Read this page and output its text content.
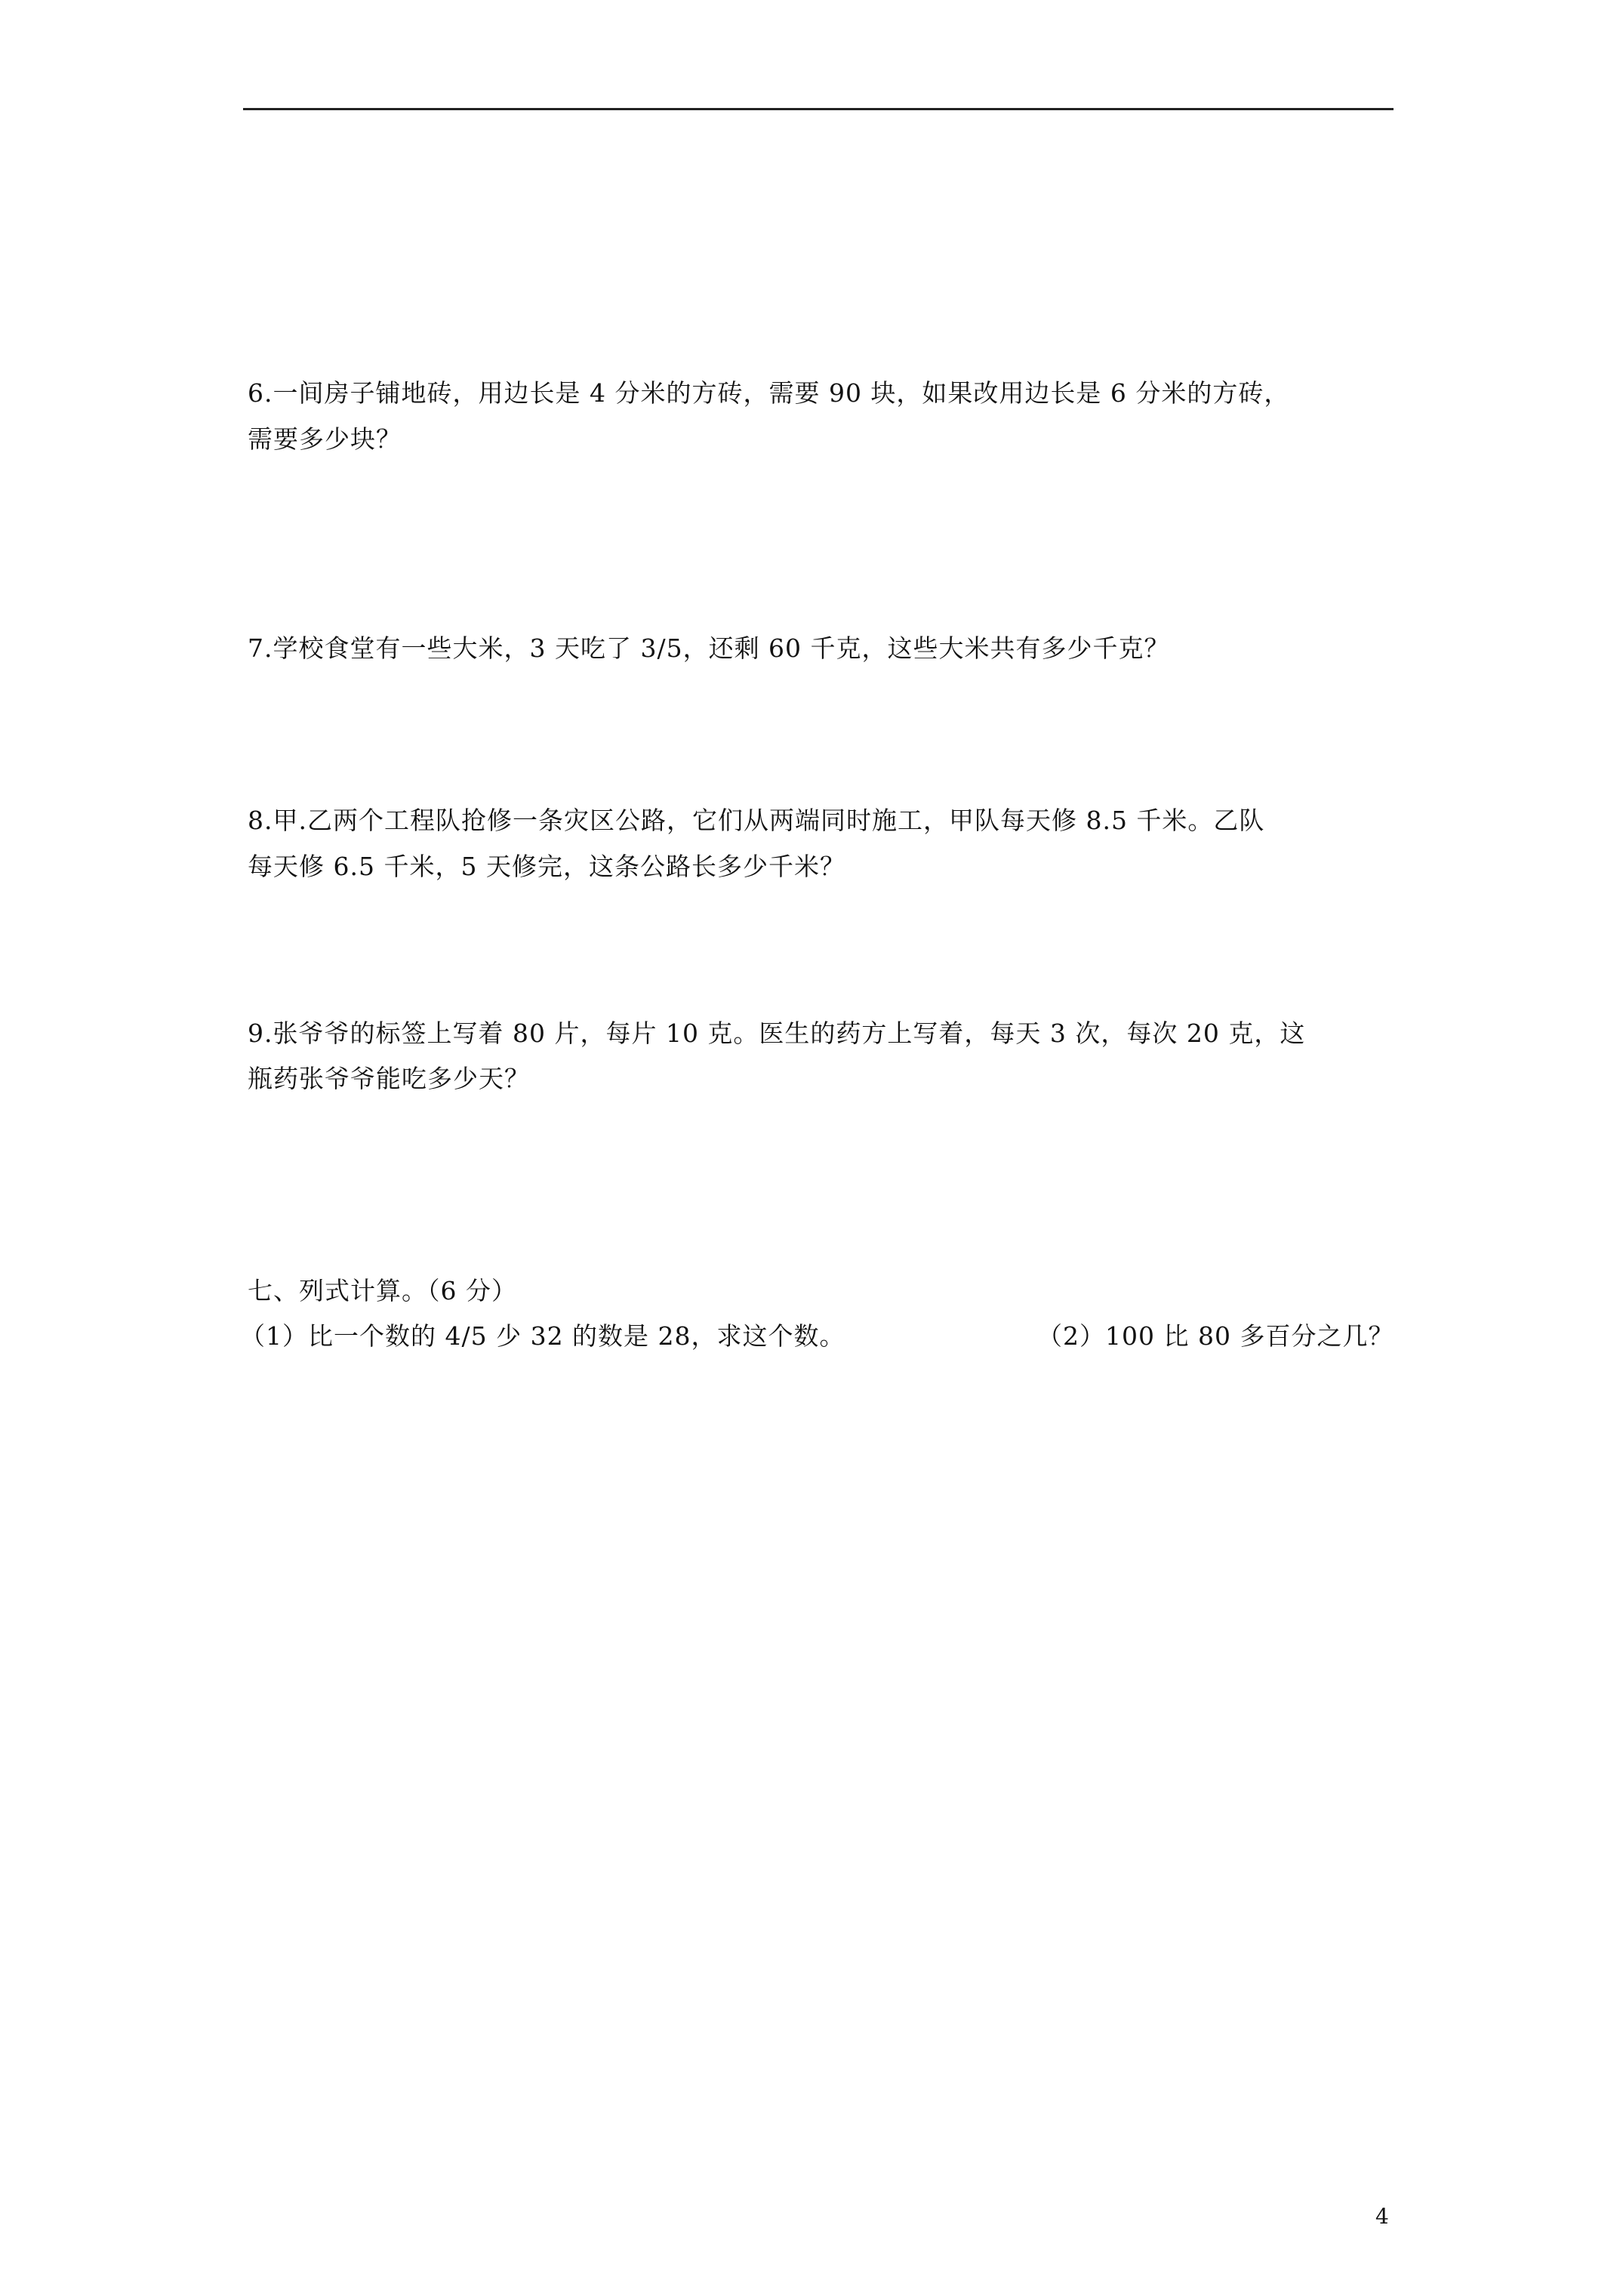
6.一间房子铺地砖，用边长是 4 分米的方砖，需要 90 块，如果改用边长是 6 分米的方砖，
需要多少块？
7.学校食堂有一些大米，3 天吃了 3/5，还剩 60 千克，这些大米共有多少千克？
8.甲.乙两个工程队抢修一条灾区公路，它们从两端同时施工，甲队每天修 8.5 千米。乙队
每天修 6.5 千米，5 天修完，这条公路长多少千米？
9.张爷爷的标签上写着 80 片，每片 10 克。医生的药方上写着，每天 3 次，每次 20 克，这
瓶药张爷爷能吃多少天？
七、列式计算。（6 分）
（1）比一个数的 4/5 少 32 的数是 28，求这个数。	（2）100 比 80 多百分之几？
4
